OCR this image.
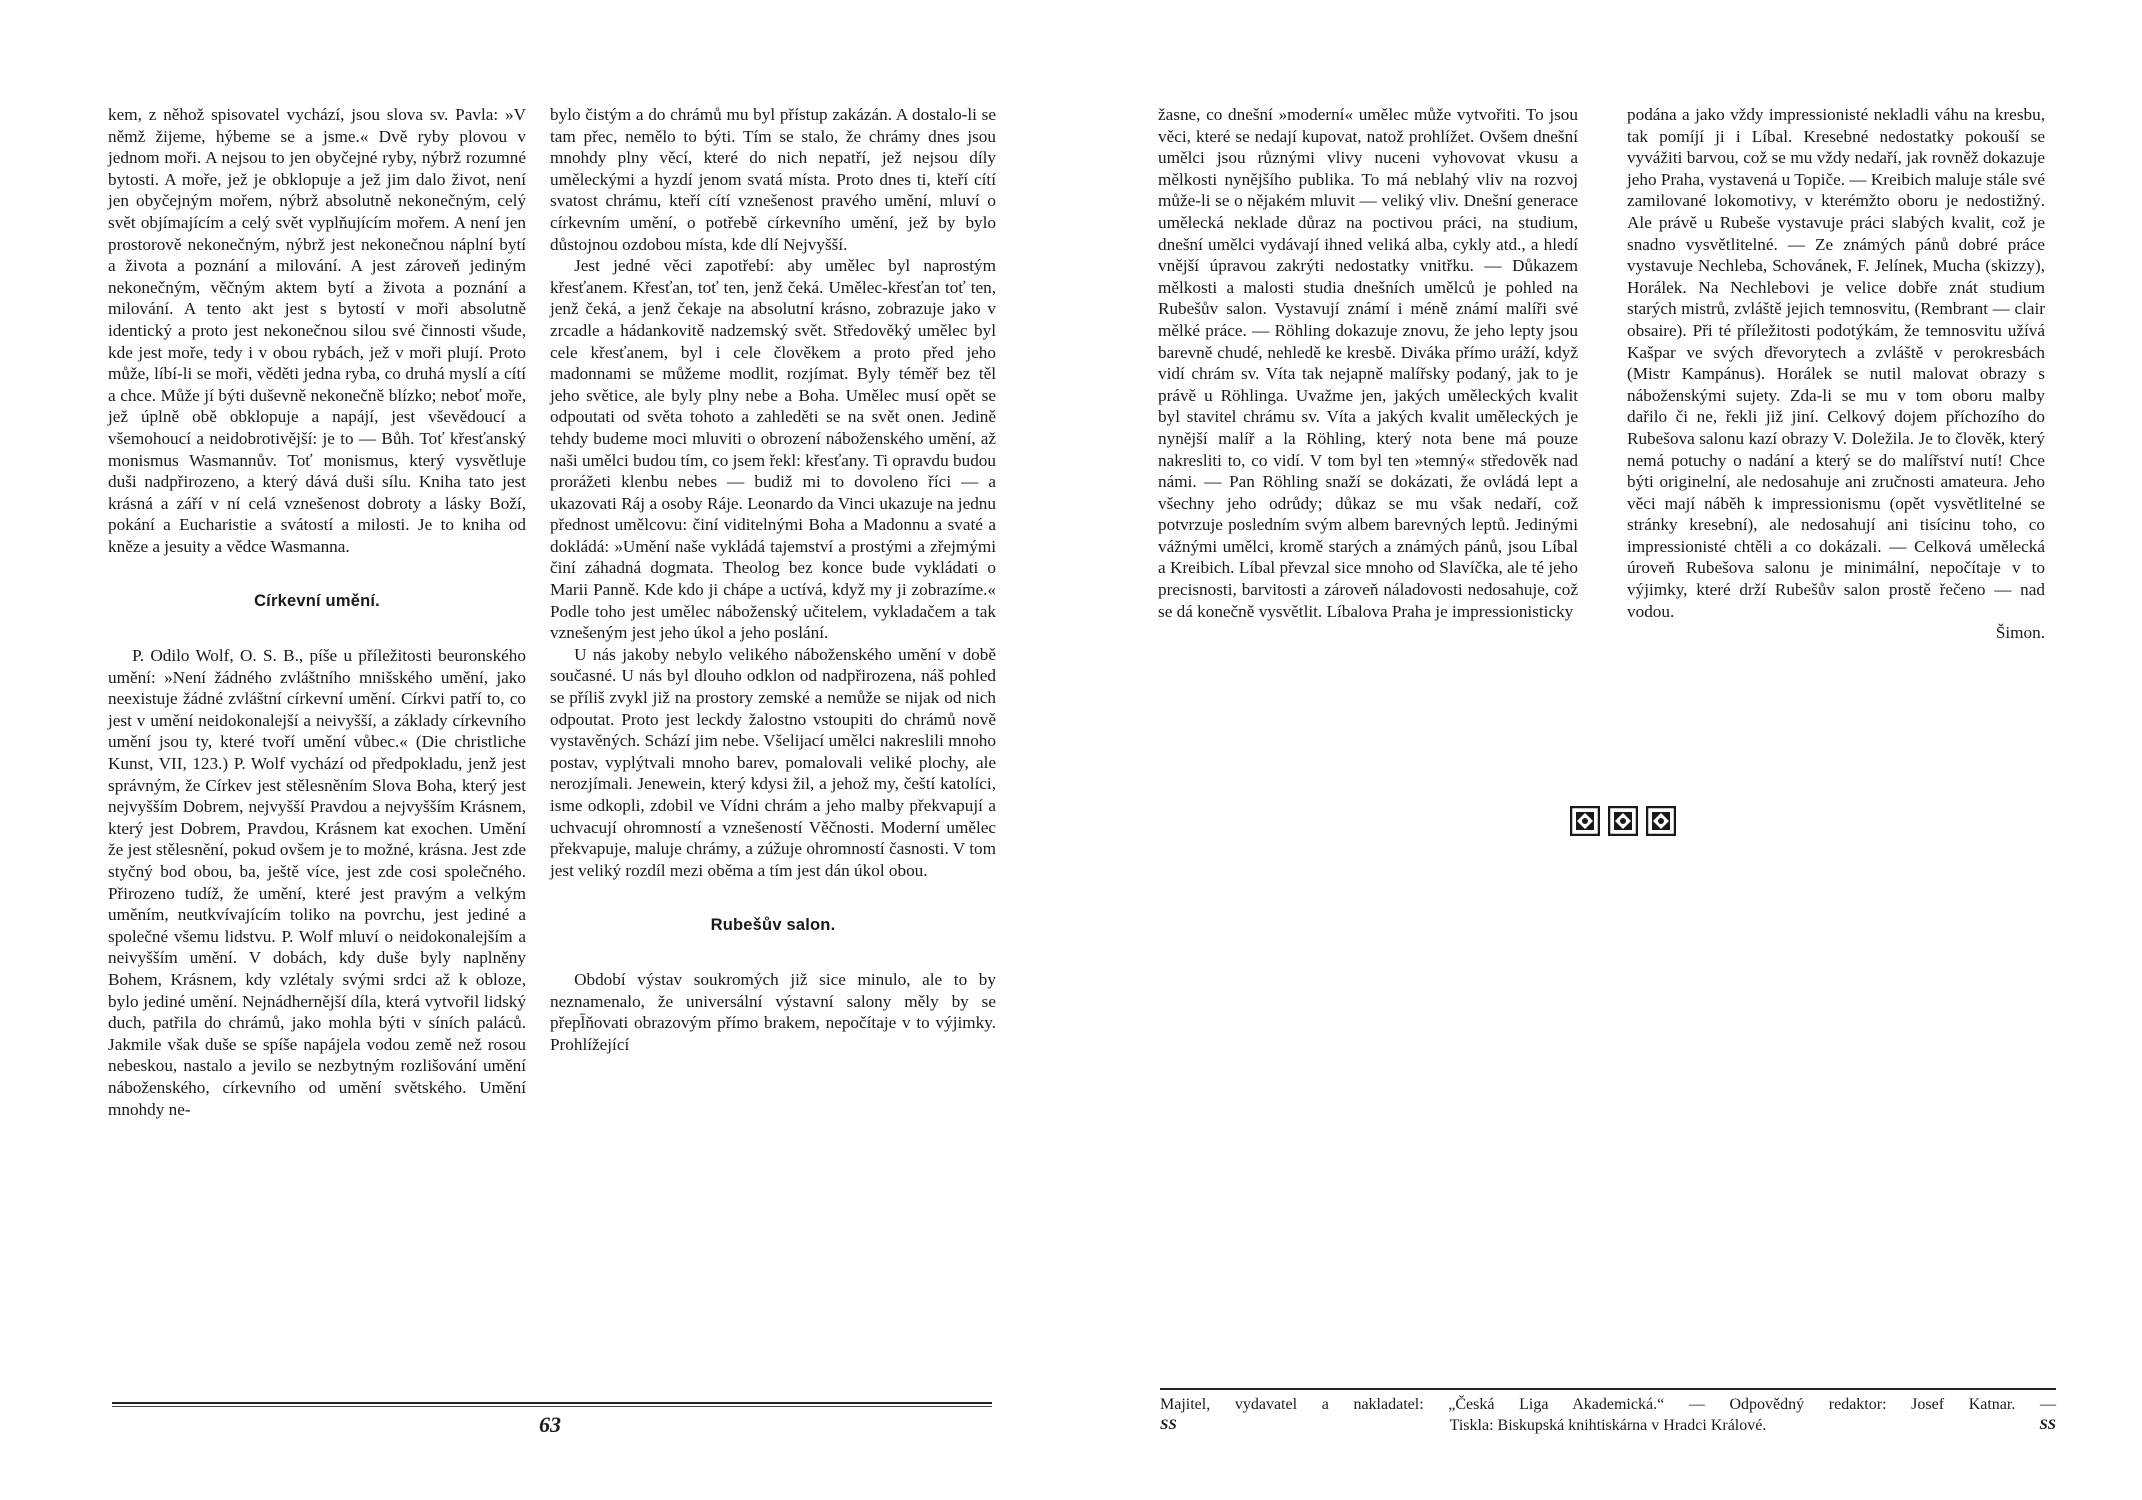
kem, z něhož spisovatel vychází, jsou slova sv. Pavla: »V němž žijeme, hýbeme se a jsme.« Dvě ryby plovou v jednom moři. A nejsou to jen obyčejné ryby, nýbrž rozumné bytosti. A moře, jež je obklopuje a jež jim dalo život, není jen obyčejným mořem, nýbrž absolutně nekonečným, celý svět objímajícím a celý svět vyplňujícím mořem. A není jen prostorově nekonečným, nýbrž jest nekonečnou náplní bytí a života a poznání a milování. A jest zároveň jediným nekonečným, věčným aktem bytí a života a poznání a milování. A tento akt jest s bytostí v moři absolutně identický a proto jest nekonečnou silou své činnosti všude, kde jest moře, tedy i v obou rybách, jež v moři plují. Proto může, líbí-li se moři, věděti jedna ryba, co druhá myslí a cítí a chce. Může jí býti duševně nekonečně blízko; neboť moře, jež úplně obě obklopuje a napájí, jest vševědoucí a všemohoucí a neidobrotivější: je to — Bůh. Toť křesťanský monismus Wasmannův. Toť monismus, který vysvětluje duši nadpřirozeno, a který dává duši sílu. Kniha tato jest krásná a září v ní celá vznešenost dobroty a lásky Boží, pokání a Eucharistie a svátostí a milosti. Je to kniha od kněze a jesuity a vědce Wasmanna.

Církevní umění.

P. Odilo Wolf, O. S. B., píše u příležitosti beuronského umění: »Není žádného zvláštního mnišského umění, jako neexistuje žádné zvláštní církevní umění. Církvi patří to, co jest v umění neidokonalejší a neivyšší, a základy církevního umění jsou ty, které tvoří umění vůbec.« (Die christliche Kunst, VII, 123.) P. Wolf vychází od předpokladu, jenž jest správným, že Církev jest stělesněním Slova Boha, který jest nejvyšším Dobrem, nejvyšší Pravdou a nejvyšším Krásnem, který jest Dobrem, Pravdou, Krásnem kat exochen. Umění že jest stělesnění, pokud ovšem je to možné, krásna. Jest zde styčný bod obou, ba, ještě více, jest zde cosi společného. Přirozeno tudíž, že umění, které jest pravým a velkým uměním, neutkvívajícím toliko na povrchu, jest jediné a společné všemu lidstvu. P. Wolf mluví o neidokonalejším a neivyšším umění. V dobách, kdy duše byly naplněny Bohem, Krásnem, kdy vzlétaly svými srdci až k obloze, bylo jediné umění. Nejnádhernější díla, která vytvořil lidský duch, patřila do chrámů, jako mohla býti v síních paláců. Jakmile však duše se spíše napájela vodou země než rosou nebeskou, nastalo a jevilo se nezbytným rozlišování umění náboženského, církevního od umění světského. Umění mnohdy ne-

bylo čistým a do chrámů mu byl přístup zakázán. A dostalo-li se tam přec, nemělo to býti. Tím se stalo, že chrámy dnes jsou mnohdy plny věcí, které do nich nepatří, jež nejsou díly uměleckými a hyzdí jenom svatá místa. Proto dnes ti, kteří cítí svatost chrámu, kteří cítí vznešenost pravého umění, mluví o církevním umění, o potřebě církevního umění, jež by bylo důstojnou ozdobou místa, kde dlí Nejvyšší.

Jest jedné věci zapotřebí: aby umělec byl naprostým křesťanem. Křesťan, toť ten, jenž čeká. Umělec-křesťan toť ten, jenž čeká, a jenž čekaje na absolutní krásno, zobrazuje jako v zrcadle a hádankovitě nadzemský svět. Středověký umělec byl cele křesťanem, byl i cele člověkem a proto před jeho madonnami se můžeme modlit, rozjímat. Byly téměř bez těl jeho světice, ale byly plny nebe a Boha. Umělec musí opět se odpoutati od světa tohoto a zahleděti se na svět onen. Jedině tehdy budeme moci mluviti o obrození náboženského umění, až naši umělci budou tím, co jsem řekl: křesťany. Ti opravdu budou prorážeti klenbu nebes — budiž mi to dovoleno říci — a ukazovati Ráj a osoby Ráje. Leonardo da Vinci ukazuje na jednu přednost umělcovu: činí viditelnými Boha a Madonnu a svaté a dokládá: »Umění naše vykládá tajemství a prostými a zřejmými činí záhadná dogmata. Theolog bez konce bude vykládati o Marii Panně. Kde kdo ji chápe a uctívá, když my ji zobrazíme.« Podle toho jest umělec náboženský učitelem, vykladačem a tak vznešeným jest jeho úkol a jeho poslání.

U nás jakoby nebylo velikého náboženského umění v době současné. U nás byl dlouho odklon od nadpřirozena, náš pohled se příliš zvykl již na prostory zemské a nemůže se nijak od nich odpoutat. Proto jest leckdy žalostno vstoupiti do chrámů nově vystavěných. Schází jim nebe. Všelijací umělci nakreslili mnoho postav, vyplýtvali mnoho barev, pomalovali veliké plochy, ale nerozjímali. Jenewein, který kdysi žil, a jehož my, čeští katolíci, isme odkopli, zdobil ve Vídni chrám a jeho malby překvapují a uchvacují ohromností a vznešeností Věčnosti. Moderní umělec překvapuje, maluje chrámy, a zúžuje ohromností časnosti. V tom jest veliký rozdíl mezi oběma a tím jest dán úkol obou.

Rubešův salon.

Období výstav soukromých již sice minulo, ale to by neznamenalo, že universální výstavní salony měly by se přepl̄ňovati obrazovým přímo brakem, nepočítaje v to výjimky. Prohlížející

63

žasne, co dnešní »moderní« umělec může vytvořiti. To jsou věci, které se nedají kupovat, natož prohlížet. Ovšem dnešní umělci jsou různými vlivy nuceni vyhovovat vkusu a mělkosti nynějšího publika. To má neblahý vliv na rozvoj může-li se o nějakém mluvit — veliký vliv. Dnešní generace umělecká neklade důraz na poctivou práci, na studium, dnešní umělci vydávají ihned veliká alba, cykly atd., a hledí vnější úpravou zakrýti nedostatky vnitřku. — Důkazem mělkosti a malosti studia dnešních umělců je pohled na Rubešův salon. Vystavují známí i méně známí malíři své mělké práce. — Röhling dokazuje znovu, že jeho lepty jsou barevně chudé, nehledě ke kresbě. Diváka přímo uráží, když vidí chrám sv. Víta tak nejapně malířsky podaný, jak to je právě u Röhlinga. Uvažme jen, jakých uměleckých kvalit byl stavitel chrámu sv. Víta a jakých kvalit uměleckých je nynější malíř a la Röhling, který nota bene má pouze nakresliti to, co vidí. V tom byl ten »temný« středověk nad námi. — Pan Röhling snaží se dokázati, že ovládá lept a všechny jeho odrůdy; důkaz se mu však nedaří, což potvrzuje posledním svým albem barevných leptů. Jedinými vážnými umělci, kromě starých a známých pánů, jsou Líbal a Kreibich. Líbal převzal sice mnoho od Slavíčka, ale té jeho precisnosti, barvitosti a zároveň náladovosti nedosahuje, což se dá konečně vysvětlit. Líbalova Praha je impressionisticky

podána a jako vždy impressionisté nekladli váhu na kresbu, tak pomíjí ji i Líbal. Kresebné nedostatky pokouší se vyvážiti barvou, což se mu vždy nedaří, jak rovněž dokazuje jeho Praha, vystavená u Topiče. — Kreibich maluje stále své zamilované lokomotivy, v kterémžto oboru je nedostižný. Ale právě u Rubeše vystavuje práci slabých kvalit, což je snadno vysvětlitelné. — Ze známých pánů dobré práce vystavuje Nechleba, Schovánek, F. Jelínek, Mucha (skizzy), Horálek. Na Nechlebovi je velice dobře znát studium starých mistrů, zvláště jejich temnosvitu, (Rembrant — clair obsaire). Při té příležitosti podotýkám, že temnosvitu užívá Kašpar ve svých dřevorytech a zvláště v perokresbách (Mistr Kampánus). Horálek se nutil malovat obrazy s náboženskými sujety. Zda-li se mu v tom oboru malby dařilo či ne, řekli již jiní. Celkový dojem příchozího do Rubešova salonu kazí obrazy V. Doležila. Je to člověk, který nemá potuchy o nadání a který se do malířství nutí! Chce býti originelní, ale nedosahuje ani zručnosti amateura. Jeho věci mají náběh k impressionismu (opět vysvětlitelné se stránky kresební), ale nedosahují ani tisícinu toho, co impressionisté chtěli a co dokázali. — Celková umělecká úroveň Rubešova salonu je minimální, nepočítaje v to výjimky, které drží Rubešův salon prostě řečeno — nad vodou.

Šimon.

Majitel, vydavatel a nakladatel: „Česká Liga Akademická.“ — Odpovědný redaktor: Josef Katnar. —
SS	Tiskla: Biskupská knihtiskárna v Hradci Králové.	SS
